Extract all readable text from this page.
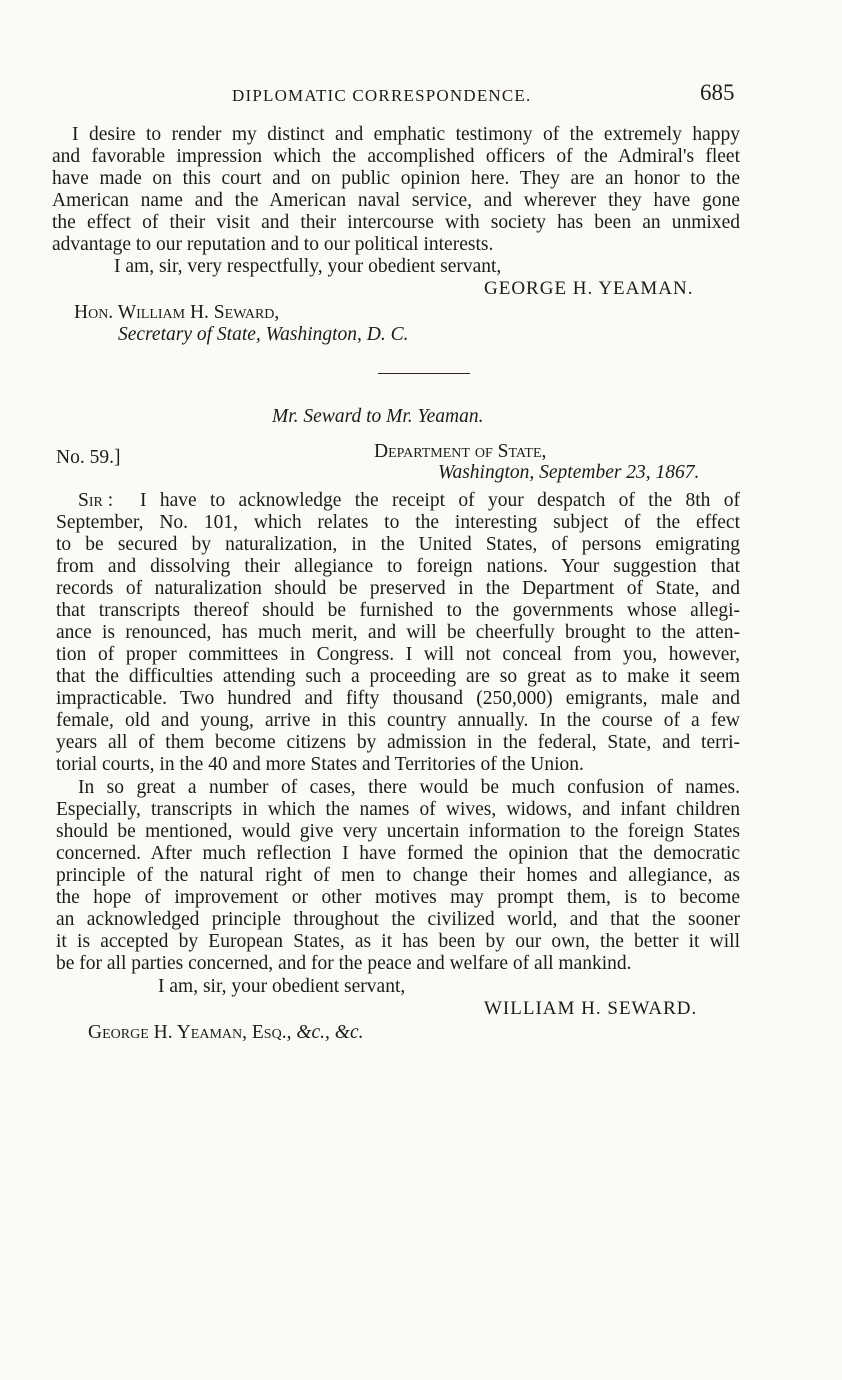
DIPLOMATIC CORRESPONDENCE.	685
I desire to render my distinct and emphatic testimony of the extremely happy
and favorable impression which the accomplished officers of the Admiral's fleet
have made on this court and on public opinion here. They are an honor to the
American name and the American naval service, and wherever they have gone
the effect of their visit and their intercourse with society has been an unmixed
advantage to our reputation and to our political interests.
I am, sir, very respectfully, your obedient servant,
GEORGE H. YEAMAN.
Hon. William H. Seward,
Secretary of State, Washington, D. C.
Mr. Seward to Mr. Yeaman.
No. 59.]	Department of State,
Washington, September 23, 1867.
Sir : I have to acknowledge the receipt of your despatch of the 8th of
September, No. 101, which relates to the interesting subject of the effect
to be secured by naturalization, in the United States, of persons emigrating
from and dissolving their allegiance to foreign nations. Your suggestion that
records of naturalization should be preserved in the Department of State, and
that transcripts thereof should be furnished to the governments whose allegi-
ance is renounced, has much merit, and will be cheerfully brought to the atten-
tion of proper committees in Congress. I will not conceal from you, however,
that the difficulties attending such a proceeding are so great as to make it seem
impracticable. Two hundred and fifty thousand (250,000) emigrants, male and
female, old and young, arrive in this country annually. In the course of a few
years all of them become citizens by admission in the federal, State, and terri-
torial courts, in the 40 and more States and Territories of the Union.
In so great a number of cases, there would be much confusion of names.
Especially, transcripts in which the names of wives, widows, and infant children
should be mentioned, would give very uncertain information to the foreign States
concerned. After much reflection I have formed the opinion that the democratic
principle of the natural right of men to change their homes and allegiance, as
the hope of improvement or other motives may prompt them, is to become
an acknowledged principle throughout the civilized world, and that the sooner
it is accepted by European States, as it has been by our own, the better it will
be for all parties concerned, and for the peace and welfare of all mankind.
I am, sir, your obedient servant,
WILLIAM H. SEWARD.
George H. Yeaman, Esq., &c., &c.
